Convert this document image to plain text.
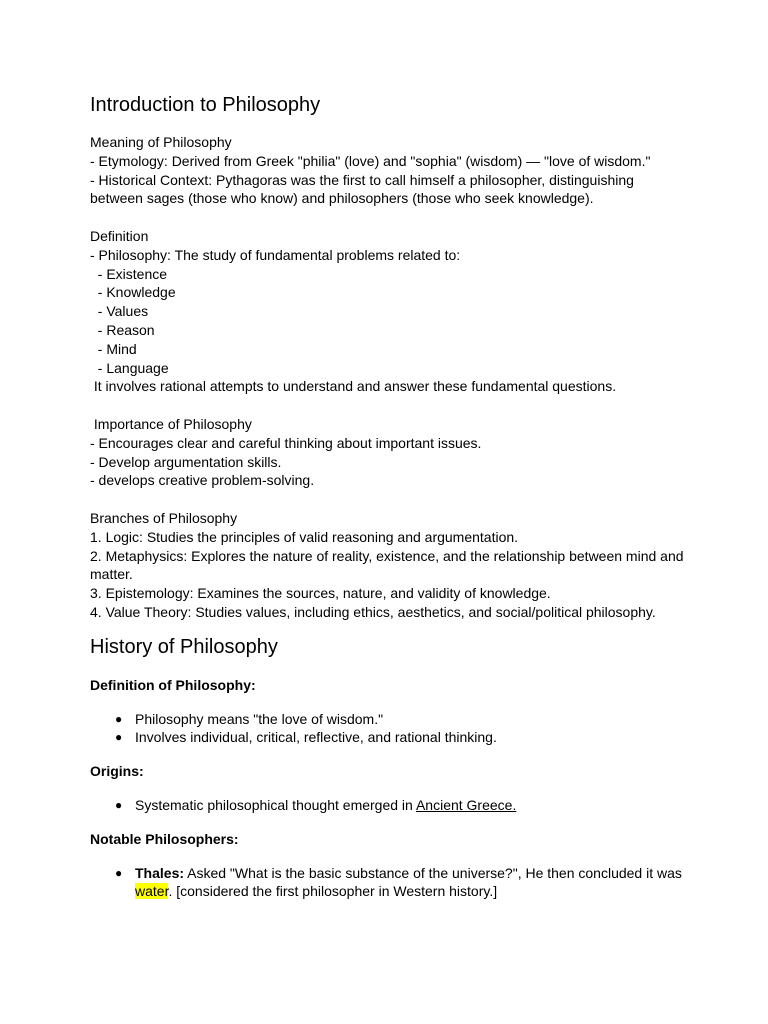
Introduction to Philosophy

Meaning of Philosophy

- Etymology: Derived from Greek "philia" (love) and "sophia" (wisdom) — "love of wisdom."

- Historical Context: Pythagoras was the first to call himself a philosopher, distinguishing

between sages (those who know) and philosophers (those who seek knowledge).

Definition

- Philosophy: The study of fundamental problems related to:

- Existence

- Knowledge

- Values

- Reason

- Mind

- Language

It involves rational attempts to understand and answer these fundamental questions.

Importance of Philosophy

- Encourages clear and careful thinking about important issues.

- Develop argumentation skills.

- develops creative problem-solving.

Branches of Philosophy

1. Logic: Studies the principles of valid reasoning and argumentation.

2. Metaphysics: Explores the nature of reality, existence, and the relationship between mind and

matter.

3. Epistemology: Examines the sources, nature, and validity of knowledge.

4. Value Theory: Studies values, including ethics, aesthetics, and social/political philosophy.

History of Philosophy

Definition of Philosophy:

● Philosophy means "the love of wisdom."
● Involves individual, critical, reflective, and rational thinking.

Origins:

● Systematic philosophical thought emerged in Ancient Greece.

Notable Philosophers:

● Thales: Asked "What is the basic substance of the universe?", He then concluded it was water. [considered the first philosopher in Western history.]
